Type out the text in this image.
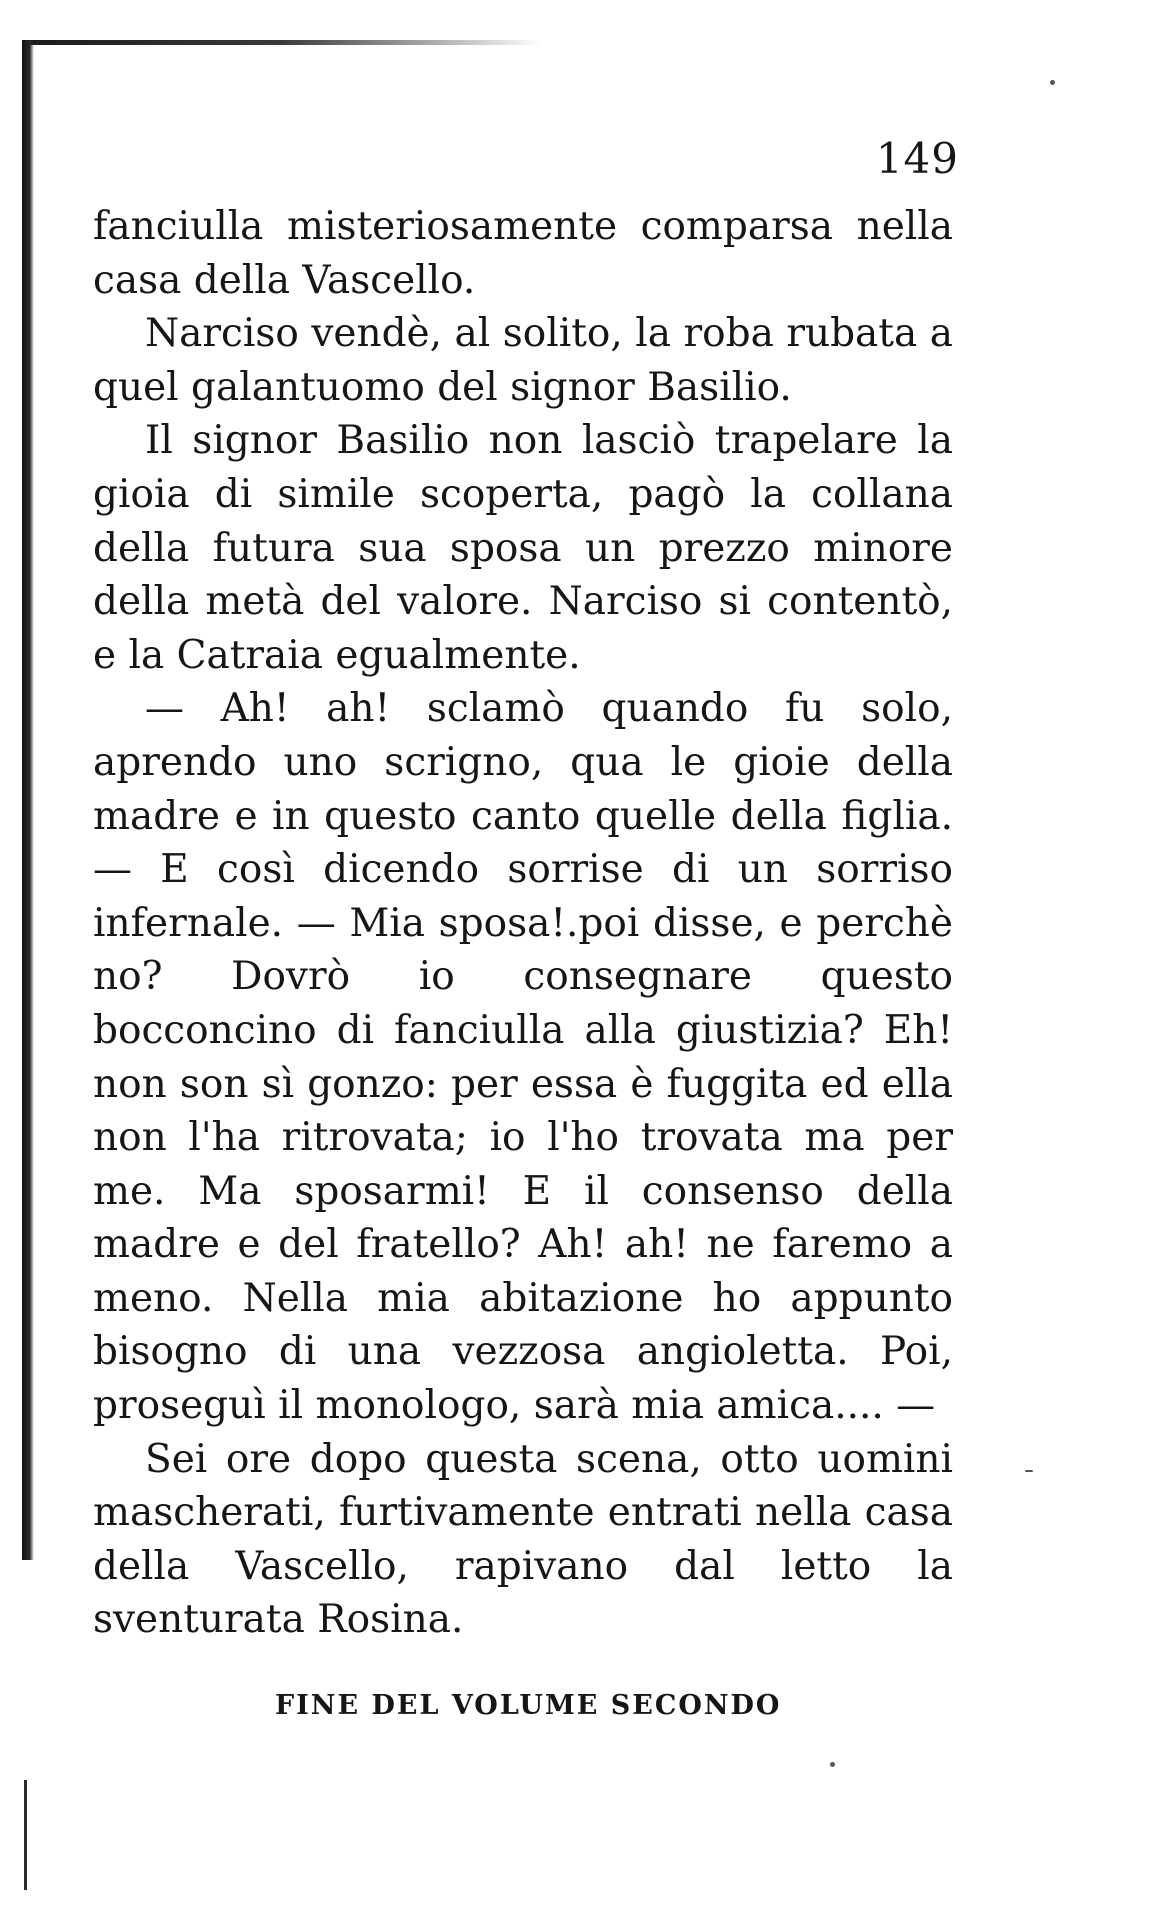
149

fanciulla misteriosamente comparsa nella casa della Vascello.

Narciso vendè, al solito, la roba rubata a quel galantuomo del signor Basilio.

Il signor Basilio non lasciò trapelare la gioia di simile scoperta, pagò la collana della futura sua sposa un prezzo minore della metà del valore. Narciso si contentò, e la Catraia egualmente.

— Ah! ah! sclamò quando fu solo, aprendo uno scrigno, qua le gioie della madre e in questo canto quelle della figlia. — E così dicendo sorrise di un sorriso infernale. — Mia sposa!.poi disse, e perchè no? Dovrò io consegnare questo bocconcino di fanciulla alla giustizia? Eh! non son sì gonzo: per essa è fuggita ed ella non l'ha ritrovata; io l'ho trovata ma per me. Ma sposarmi! E il consenso della madre e del fratello? Ah! ah! ne faremo a meno. Nella mia abitazione ho appunto bisogno di una vezzosa angioletta. Poi, proseguì il monologo, sarà mia amica.... —

Sei ore dopo questa scena, otto uomini mascherati, furtivamente entrati nella casa della Vascello, rapivano dal letto la sventurata Rosina.

FINE DEL VOLUME SECONDO
